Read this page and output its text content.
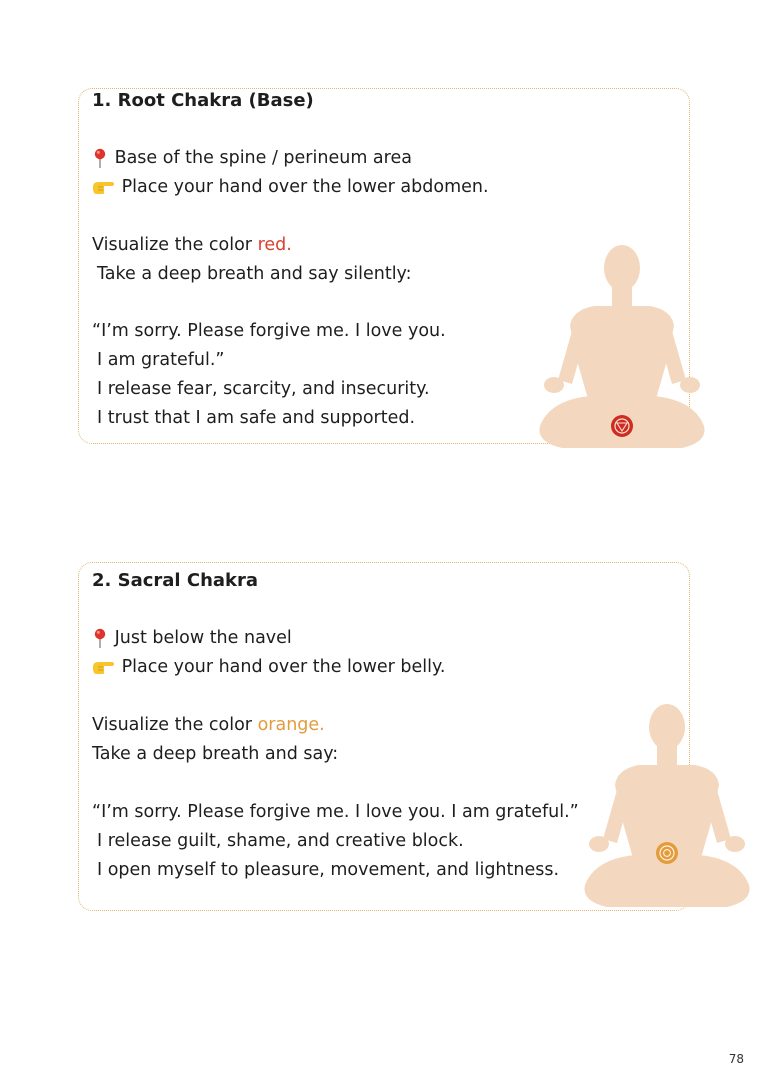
1. Root Chakra (Base)
Base of the spine / perineum area
Place your hand over the lower abdomen.
Visualize the color red.
Take a deep breath and say silently:
“I’m sorry. Please forgive me. I love you.
I am grateful.”
I release fear, scarcity, and insecurity.
I trust that I am safe and supported.
2. Sacral Chakra
Just below the navel
Place your hand over the lower belly.
Visualize the color orange.
Take a deep breath and say:
“I’m sorry. Please forgive me. I love you. I am grateful.”
I release guilt, shame, and creative block.
I open myself to pleasure, movement, and lightness.
78
